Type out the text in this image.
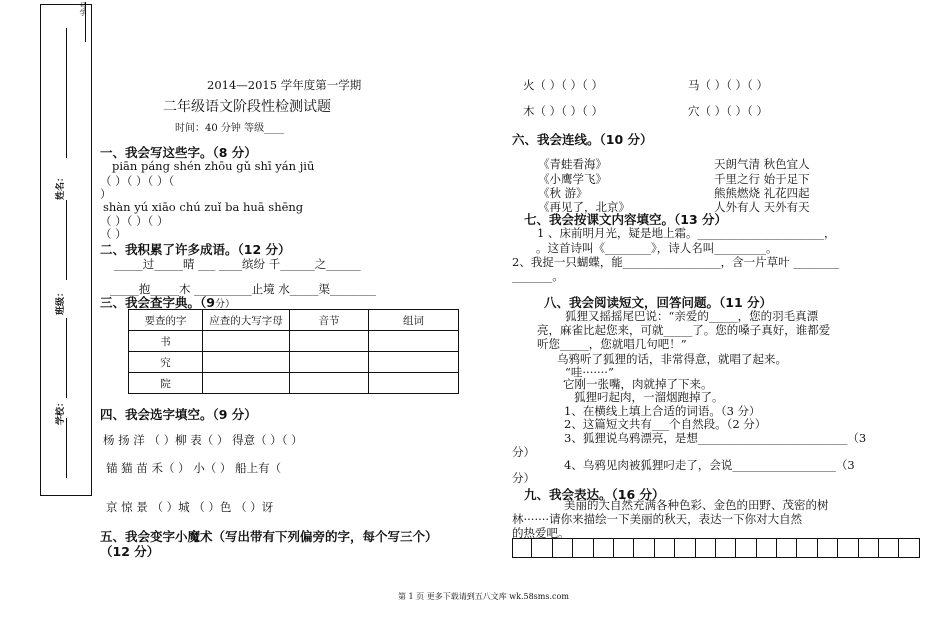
学校：
班级：
姓名：
号学
2014—2015 学年度第一学期
二年级语文阶段性检测试题
时间：40 分钟 等级____
一、我会写这些字。（8 分）
piān páng shén zhōu gǔ shī yán jiū
（ ）（ ）（ ）（
）
shàn yú xiāo chú zuǐ ba huā shēng
（ ）（ ）（ ）
（ ）
二、我积累了许多成语。（12 分）
_____过_____晴 ___ ____缤纷 千______之______
_____抱_____木 __________止境 水_____渠________
三、我会查字典。（9分）
要查的字	应查的大写字母	音节	组词
书			
究			
院			
四、我会选字填空。（9 分）
杨 扬 洋 （ ）柳 表（ ） 得意（ ）（ ）
锚 猫 苗 禾（ ） 小（ ） 船上有（
京 惊 景 （ ）城 （ ）色 （ ）讶
五、我会变字小魔术（写出带有下列偏旁的字，每个写三个）
（12 分）
火（ ）（ ）（ ）	马（ ）（ ）（ ）
木（ ）（ ）（ ）	穴（ ）（ ）（ ）
六、我会连线。（10 分）
《青蛙看海》
《小鹰学飞》
《秋 游》
《再见了，北京》
天朗气清 秋色宜人
千里之行 始于足下
熊熊燃烧 礼花四起
人外有人 天外有天
七、我会按课文内容填空。（13 分）
1 、床前明月光，疑是地上霜。______________________，
。这首诗叫《________》，诗人名叫_________。
2、我捉一只蝴蝶，能_________________，含一片草叶 ________
_______。
八、我会阅读短文，回答问题。（11 分）
狐狸又摇摇尾巴说：“亲爱的_____，您的羽毛真漂
亮，麻雀比起您来，可就_____了。您的嗓子真好，谁都爱
听您_____，您就唱几句吧！”
乌鸦听了狐狸的话，非常得意，就唱了起来。
“哇·······”
它刚一张嘴，肉就掉了下来。
狐狸叼起肉，一溜烟跑掉了。
1、在横线上填上合适的词语。（3 分）
2、这篇短文共有___个自然段。（2 分）
3、狐狸说乌鸦漂亮，是想__________________________（3
分）
4、乌鸦见肉被狐狸叼走了，会说__________________（3
分）
九、我会表达。（16 分）
美丽的大自然充满各种色彩、金色的田野、茂密的树
林·······请你来描绘一下美丽的秋天，表达一下你对大自然
的热爱吧。
第 1 页 更多下载请到五八文库 wk.58sms.com
